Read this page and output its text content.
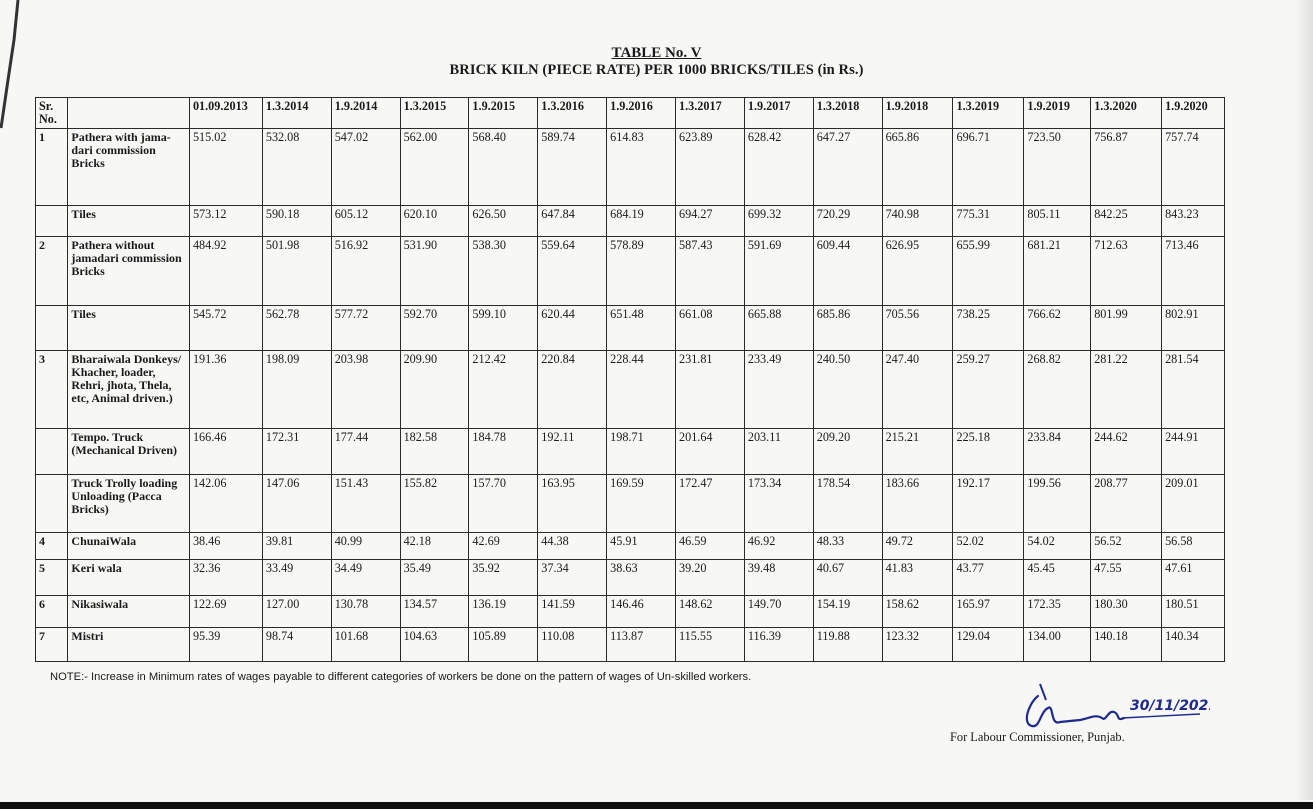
TABLE No. V
BRICK KILN (PIECE RATE) PER 1000 BRICKS/TILES (in Rs.)
Sr. No.		01.09.2013	1.3.2014	1.9.2014	1.3.2015	1.9.2015	1.3.2016	1.9.2016	1.3.2017	1.9.2017	1.3.2018	1.9.2018	1.3.2019	1.9.2019	1.3.2020	1.9.2020
1	Pathera with jama-dari commission Bricks	515.02	532.08	547.02	562.00	568.40	589.74	614.83	623.89	628.42	647.27	665.86	696.71	723.50	756.87	757.74
	Tiles	573.12	590.18	605.12	620.10	626.50	647.84	684.19	694.27	699.32	720.29	740.98	775.31	805.11	842.25	843.23
2	Pathera without jamadari commission Bricks	484.92	501.98	516.92	531.90	538.30	559.64	578.89	587.43	591.69	609.44	626.95	655.99	681.21	712.63	713.46
	Tiles	545.72	562.78	577.72	592.70	599.10	620.44	651.48	661.08	665.88	685.86	705.56	738.25	766.62	801.99	802.91
3	Bharaiwala Donkeys/ Khacher, loader, Rehri, jhota, Thela, etc, Animal driven.)	191.36	198.09	203.98	209.90	212.42	220.84	228.44	231.81	233.49	240.50	247.40	259.27	268.82	281.22	281.54
	Tempo. Truck (Mechanical Driven)	166.46	172.31	177.44	182.58	184.78	192.11	198.71	201.64	203.11	209.20	215.21	225.18	233.84	244.62	244.91
	Truck Trolly loading Unloading (Pacca Bricks)	142.06	147.06	151.43	155.82	157.70	163.95	169.59	172.47	173.34	178.54	183.66	192.17	199.56	208.77	209.01
4	ChunaiWala	38.46	39.81	40.99	42.18	42.69	44.38	45.91	46.59	46.92	48.33	49.72	52.02	54.02	56.52	56.58
5	Keri wala	32.36	33.49	34.49	35.49	35.92	37.34	38.63	39.20	39.48	40.67	41.83	43.77	45.45	47.55	47.61
6	Nikasiwala	122.69	127.00	130.78	134.57	136.19	141.59	146.46	148.62	149.70	154.19	158.62	165.97	172.35	180.30	180.51
7	Mistri	95.39	98.74	101.68	104.63	105.89	110.08	113.87	115.55	116.39	119.88	123.32	129.04	134.00	140.18	140.34
NOTE:- Increase in Minimum rates of wages payable to different categories of workers be done on the pattern of wages of Un-skilled workers.
30/11/2021
For Labour Commissioner, Punjab.
